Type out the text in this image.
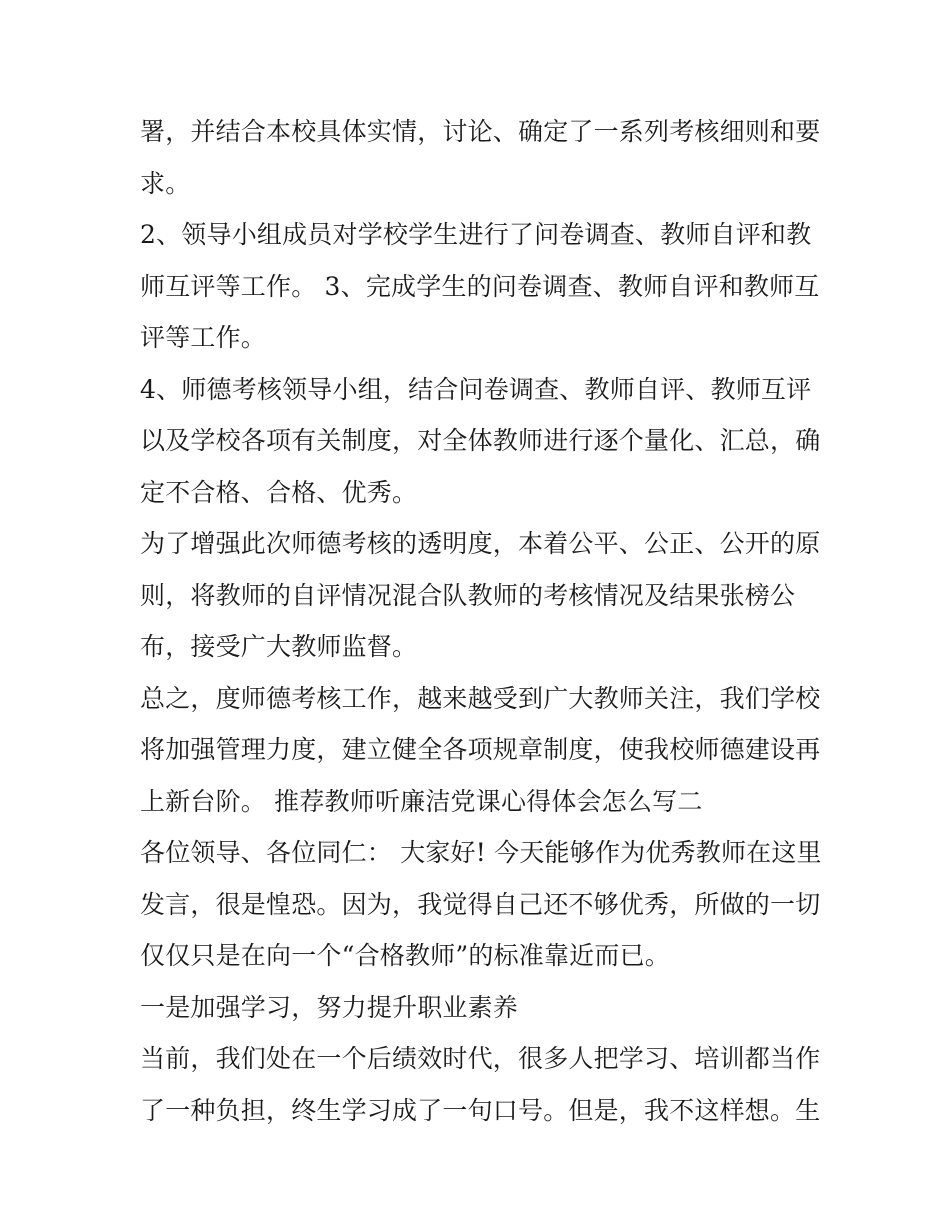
署，并结合本校具体实情，讨论、确定了一系列考核细则和要
求。
2、领导小组成员对学校学生进行了问卷调查、教师自评和教
师互评等工作。 3、完成学生的问卷调查、教师自评和教师互
评等工作。
4、师德考核领导小组，结合问卷调查、教师自评、教师互评
以及学校各项有关制度，对全体教师进行逐个量化、汇总，确
定不合格、合格、优秀。
为了增强此次师德考核的透明度，本着公平、公正、公开的原
则，将教师的自评情况混合队教师的考核情况及结果张榜公
布，接受广大教师监督。
总之，度师德考核工作，越来越受到广大教师关注，我们学校
将加强管理力度，建立健全各项规章制度，使我校师德建设再
上新台阶。 推荐教师听廉洁党课心得体会怎么写二
各位领导、各位同仁： 大家好! 今天能够作为优秀教师在这里
发言，很是惶恐。因为，我觉得自己还不够优秀，所做的一切
仅仅只是在向一个“合格教师”的标准靠近而已。
一是加强学习，努力提升职业素养
当前，我们处在一个后绩效时代，很多人把学习、培训都当作
了一种负担，终生学习成了一句口号。但是，我不这样想。生
